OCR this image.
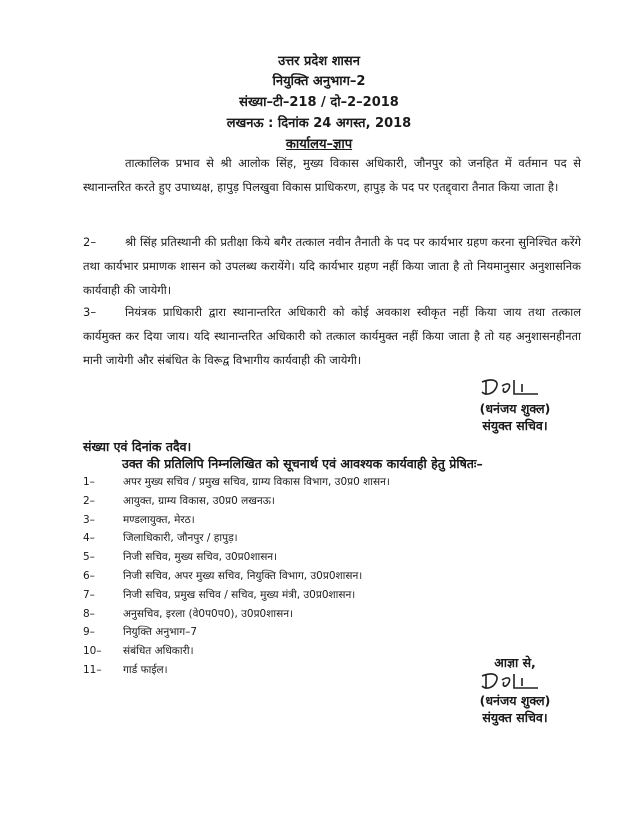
उत्तर प्रदेश शासन
नियुक्ति अनुभाग–2
संख्या–टी–218 / दो–2–2018
लखनऊ : दिनांक 24 अगस्त, 2018
कार्यालय–ज्ञाप
तात्कालिक प्रभाव से श्री आलोक सिंह, मुख्य विकास अधिकारी, जौनपुर को जनहित में वर्तमान पद से स्थानान्तरित करते हुए उपाध्यक्ष, हापुड़ पिलखुवा विकास प्राधिकरण, हापुड़ के पद पर एतद्द्वारा तैनात किया जाता है।
2–	श्री सिंह प्रतिस्थानी की प्रतीक्षा किये बगैर तत्काल नवीन तैनाती के पद पर कार्यभार ग्रहण करना सुनिश्चित करेंगे तथा कार्यभार प्रमाणक शासन को उपलब्ध करायेंगे। यदि कार्यभार ग्रहण नहीं किया जाता है तो नियमानुसार अनुशासनिक कार्यवाही की जायेगी।
3–	नियंत्रक प्राधिकारी द्वारा स्थानान्तरित अधिकारी को कोई अवकाश स्वीकृत नहीं किया जाय तथा तत्काल कार्यमुक्त कर दिया जाय। यदि स्थानान्तरित अधिकारी को तत्काल कार्यमुक्त नहीं किया जाता है तो यह अनुशासनहीनता मानी जायेगी और संबंधित के विरूद्व विभागीय कार्यवाही की जायेगी।
(धनंजय शुक्ल)
संयुक्त सचिव।
संख्या एवं दिनांक तदैव।
उक्त की प्रतिलिपि निम्नलिखित को सूचनार्थ एवं आवश्यक कार्यवाही हेतु प्रेषितः–
1–	अपर मुख्य सचिव / प्रमुख सचिव, ग्राम्य विकास विभाग, उ0प्र0 शासन।
2–	आयुक्त, ग्राम्य विकास, उ0प्र0 लखनऊ।
3–	मण्डलायुक्त, मेरठ।
4–	जिलाधिकारी, जौनपुर / हापुड़।
5–	निजी सचिव, मुख्य सचिव, उ0प्र0शासन।
6–	निजी सचिव, अपर मुख्य सचिव, नियुक्ति विभाग, उ0प्र0शासन।
7–	निजी सचिव, प्रमुख सचिव / सचिव, मुख्य मंत्री, उ0प्र0शासन।
8–	अनुसचिव, इरला (वे0प0प0), उ0प्र0शासन।
9–	नियुक्ति अनुभाग–7
10– संबंधित अधिकारी।
11– गार्ड फाईल।	आज्ञा से,
(धनंजय शुक्ल)
संयुक्त सचिव।
